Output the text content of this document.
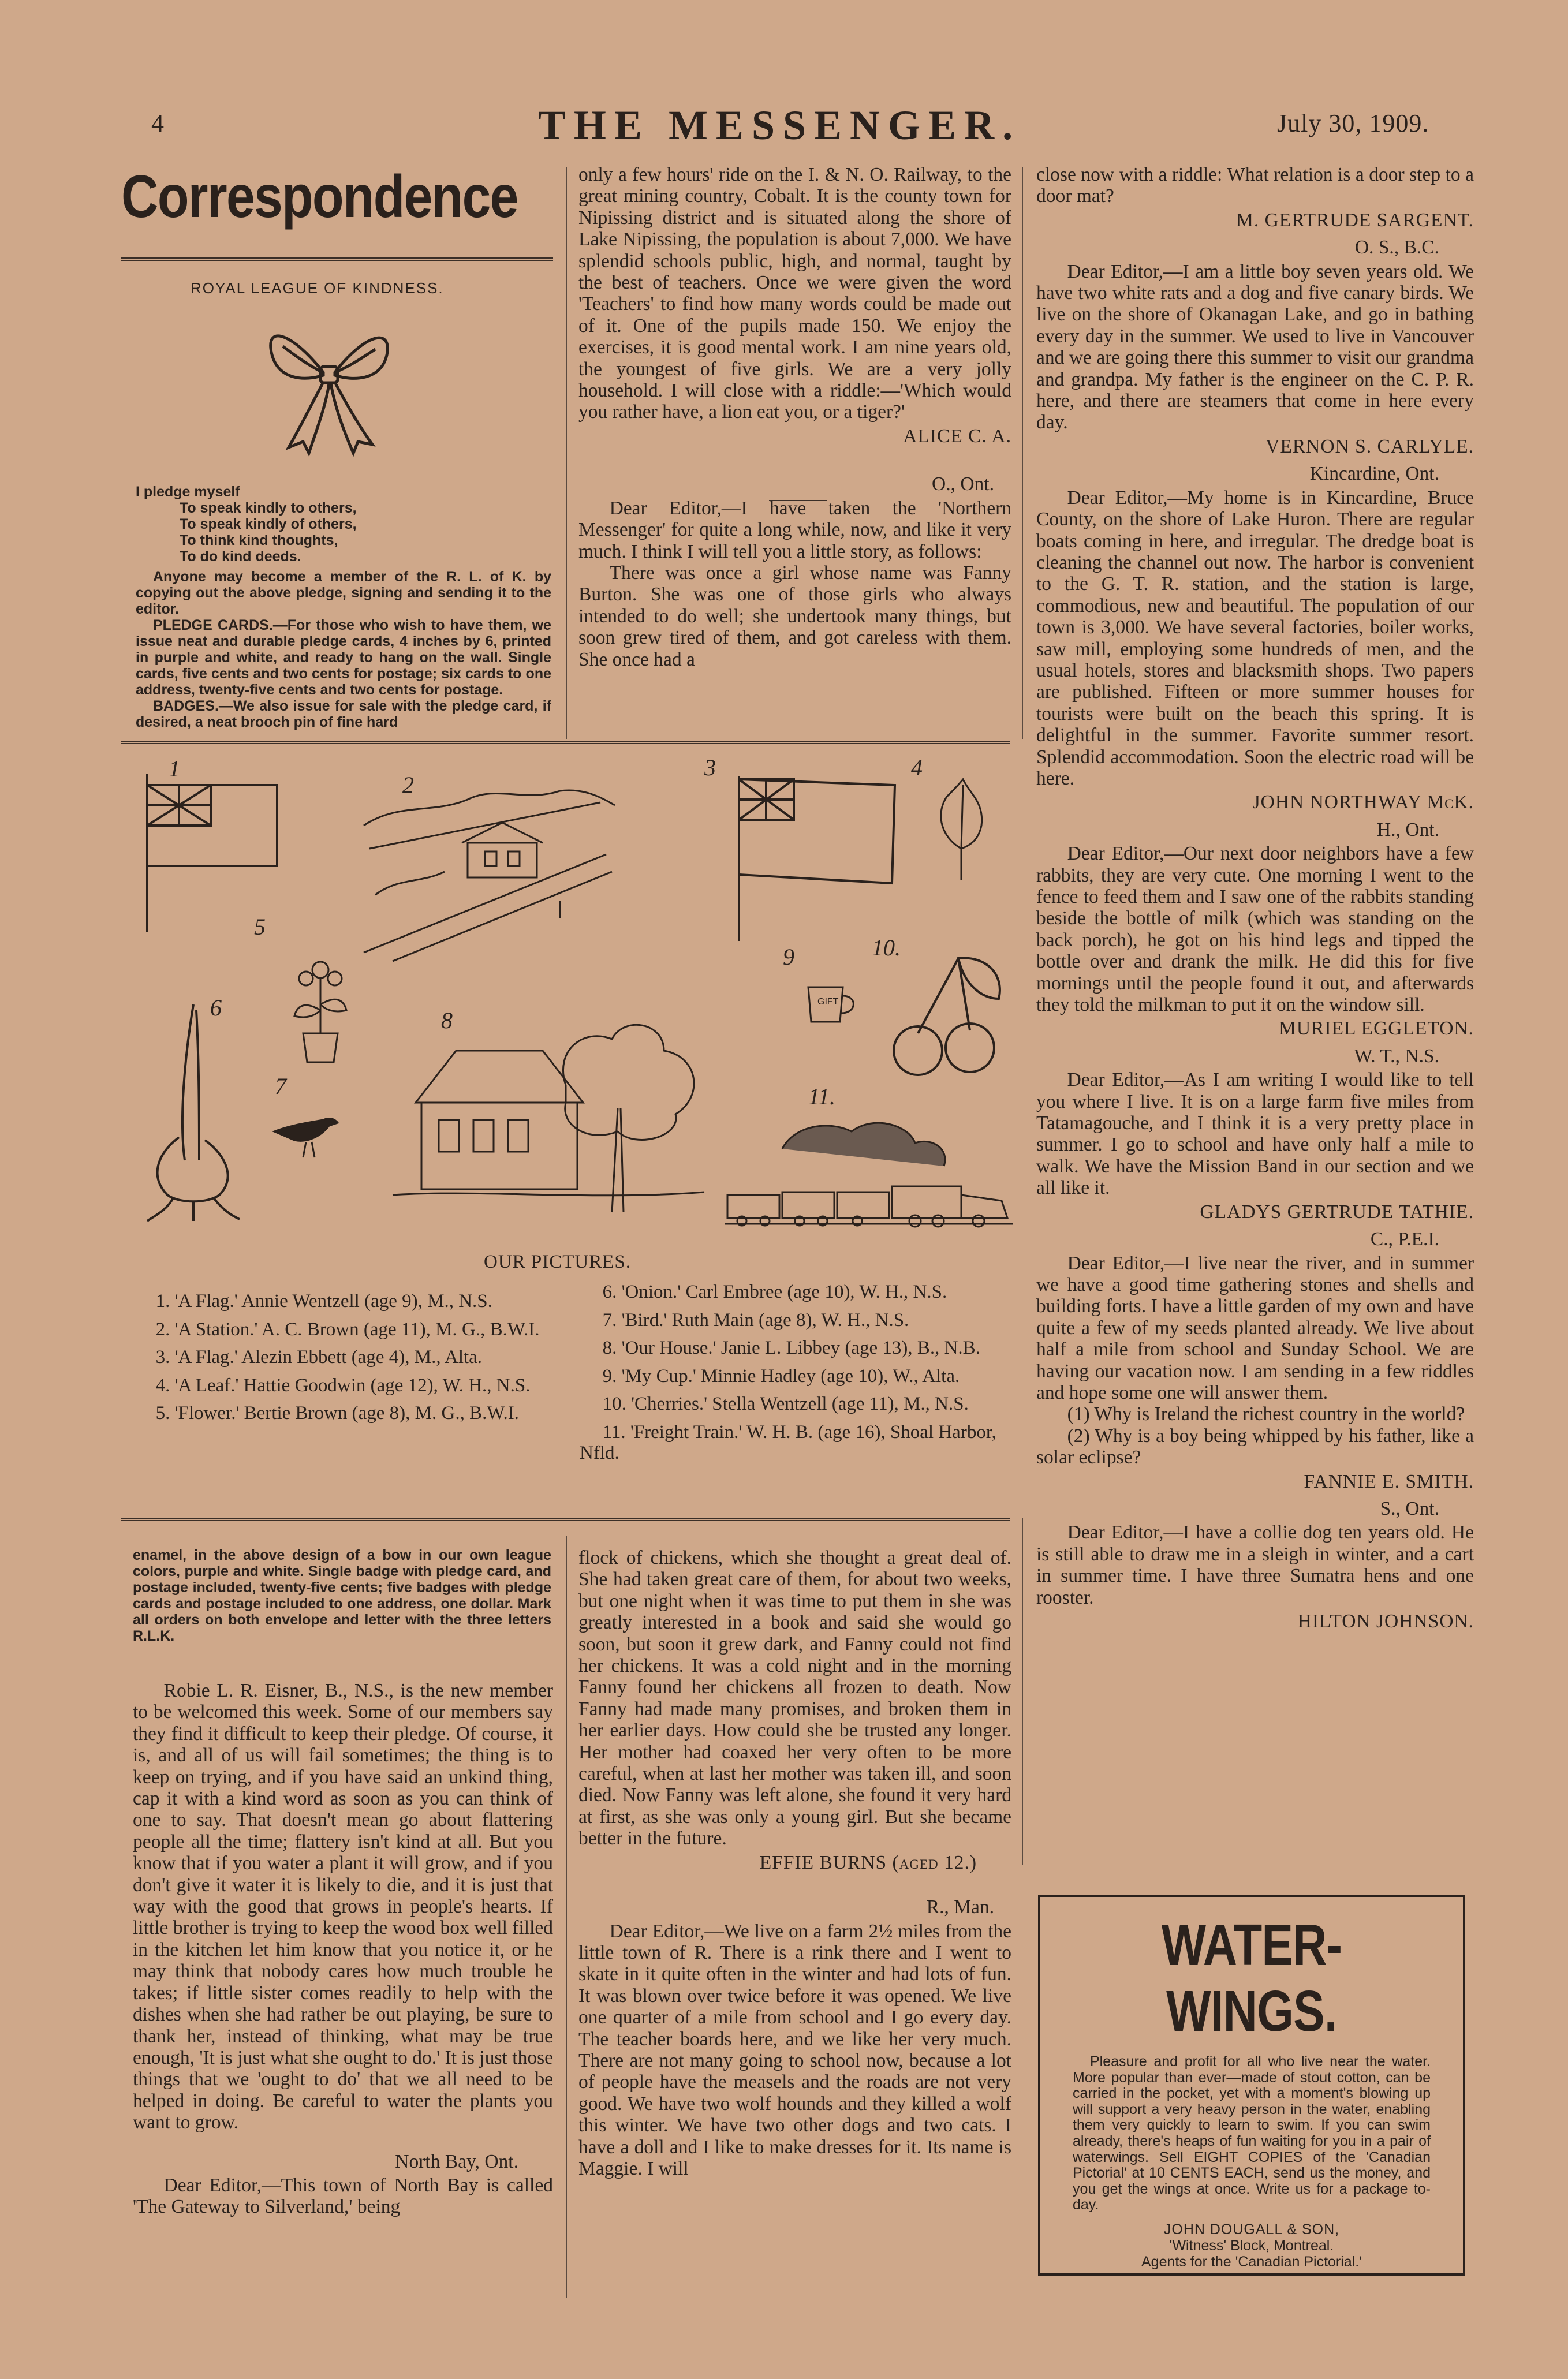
4	THE MESSENGER.	July 30, 1909.
Correspondence
ROYAL LEAGUE OF KINDNESS.
I pledge myself
To speak kindly to others,
To speak kindly of others,
To think kind thoughts,
To do kind deeds.
Anyone may become a member of the R. L. of K. by copying out the above pledge, signing and sending it to the editor.
PLEDGE CARDS.—For those who wish to have them, we issue neat and durable pledge cards, 4 inches by 6, printed in purple and white, and ready to hang on the wall. Single cards, five cents and two cents for postage; six cards to one address, twenty-five cents and two cents for postage.
BADGES.—We also issue for sale with the pledge card, if desired, a neat brooch pin of fine hard

only a few hours' ride on the I. & N. O. Railway, to the great mining country, Cobalt. It is the county town for Nipissing district and is situated along the shore of Lake Nipissing, the population is about 7,000. We have splendid schools public, high, and normal, taught by the best of teachers. Once we were given the word 'Teachers' to find how many words could be made out of it. One of the pupils made 150. We enjoy the exercises, it is good mental work. I am nine years old, the youngest of five girls. We are a very jolly household. I will close with a riddle:—'Which would you rather have, a lion eat you, or a tiger?'

ALICE C. A.
O., Ont.

Dear Editor,—I have taken the 'Northern Messenger' for quite a long while, now, and like it very much. I think I will tell you a little story, as follows:

There was once a girl whose name was Fanny Burton. She was one of those girls who always intended to do well; she undertook many things, but soon grew tired of them, and got careless with them. She once had a

close now with a riddle: What relation is a door step to a door mat?

M. GERTRUDE SARGENT.
O. S., B.C.

Dear Editor,—I am a little boy seven years old. We have two white rats and a dog and five canary birds. We live on the shore of Okanagan Lake, and go in bathing every day in the summer. We used to live in Vancouver and we are going there this summer to visit our grandma and grandpa. My father is the engineer on the C. P. R. here, and there are steamers that come in here every day.

VERNON S. CARLYLE.
Kincardine, Ont.

Dear Editor,—My home is in Kincardine, Bruce County, on the shore of Lake Huron. There are regular boats coming in here, and irregular. The dredge boat is cleaning the channel out now. The harbor is convenient to the G. T. R. station, and the station is large, commodious, new and beautiful. The population of our town is 3,000. We have several factories, boiler works, saw mill, employing some hundreds of men, and the usual hotels, stores and blacksmith shops. Two papers are published. Fifteen or more summer houses for tourists were built on the beach this spring. It is delightful in the summer. Favorite summer resort. Splendid accommodation. Soon the electric road will be here.

JOHN NORTHWAY McK.
H., Ont.

Dear Editor,—Our next door neighbors have a few rabbits, they are very cute. One morning I went to the fence to feed them and I saw one of the rabbits standing beside the bottle of milk (which was standing on the back porch), he got on his hind legs and tipped the bottle over and drank the milk. He did this for five mornings until the people found it out, and afterwards they told the milkman to put it on the window sill.

MURIEL EGGLETON.
W. T., N.S.

Dear Editor,—As I am writing I would like to tell you where I live. It is on a large farm five miles from Tatamagouche, and I think it is a very pretty place in summer. I go to school and have only half a mile to walk. We have the Mission Band in our section and we all like it.

GLADYS GERTRUDE TATHIE.
C., P.E.I.

Dear Editor,—I live near the river, and in summer we have a good time gathering stones and shells and building forts. I have a little garden of my own and have quite a few of my seeds planted already. We live about half a mile from school and Sunday School. We are having our vacation now. I am sending in a few riddles and hope some one will answer them.

(1) Why is Ireland the richest country in the world?

(2) Why is a boy being whipped by his father, like a solar eclipse?

FANNIE E. SMITH.
S., Ont.

Dear Editor,—I have a collie dog ten years old. He is still able to draw me in a sleigh in winter, and a cart in summer time. I have three Sumatra hens and one rooster.

HILTON JOHNSON.
1
2
3	4
5
6
7
8
9	10.
11.
GIFT
OUR PICTURES.
1. 'A Flag.' Annie Wentzell (age 9), M., N.S.
2. 'A Station.' A. C. Brown (age 11), M. G., B.W.I.
3. 'A Flag.' Alezin Ebbett (age 4), M., Alta.
4. 'A Leaf.' Hattie Goodwin (age 12), W. H., N.S.
5. 'Flower.' Bertie Brown (age 8), M. G., B.W.I.
6. 'Onion.' Carl Embree (age 10), W. H., N.S.
7. 'Bird.' Ruth Main (age 8), W. H., N.S.
8. 'Our House.' Janie L. Libbey (age 13), B., N.B.
9. 'My Cup.' Minnie Hadley (age 10), W., Alta.
10. 'Cherries.' Stella Wentzell (age 11), M., N.S.
11. 'Freight Train.' W. H. B. (age 16), Shoal Harbor, Nfld.
enamel, in the above design of a bow in our own league colors, purple and white. Single badge with pledge card, and postage included, twenty-five cents; five badges with pledge cards and postage included to one address, one dollar. Mark all orders on both envelope and letter with the three letters R.L.K.

Robie L. R. Eisner, B., N.S., is the new member to be welcomed this week. Some of our members say they find it difficult to keep their pledge. Of course, it is, and all of us will fail sometimes; the thing is to keep on trying, and if you have said an unkind thing, cap it with a kind word as soon as you can think of one to say. That doesn't mean go about flattering people all the time; flattery isn't kind at all. But you know that if you water a plant it will grow, and if you don't give it water it is likely to die, and it is just that way with the good that grows in people's hearts. If little brother is trying to keep the wood box well filled in the kitchen let him know that you notice it, or he may think that nobody cares how much trouble he takes; if little sister comes readily to help with the dishes when she had rather be out playing, be sure to thank her, instead of thinking, what may be true enough, 'It is just what she ought to do.' It is just those things that we 'ought to do' that we all need to be helped in doing. Be careful to water the plants you want to grow.

North Bay, Ont.

Dear Editor,—This town of North Bay is called 'The Gateway to Silverland,' being

flock of chickens, which she thought a great deal of. She had taken great care of them, for about two weeks, but one night when it was time to put them in she was greatly interested in a book and said she would go soon, but soon it grew dark, and Fanny could not find her chickens. It was a cold night and in the morning Fanny found her chickens all frozen to death. Now Fanny had made many promises, and broken them in her earlier days. How could she be trusted any longer. Her mother had coaxed her very often to be more careful, when at last her mother was taken ill, and soon died. Now Fanny was left alone, she found it very hard at first, as she was only a young girl. But she became better in the future.

EFFIE BURNS (aged 12.)
R., Man.

Dear Editor,—We live on a farm 2½ miles from the little town of R. There is a rink there and I went to skate in it quite often in the winter and had lots of fun. It was blown over twice before it was opened. We live one quarter of a mile from school and I go every day. The teacher boards here, and we like her very much. There are not many going to school now, because a lot of people have the measels and the roads are not very good. We have two wolf hounds and they killed a wolf this winter. We have two other dogs and two cats. I have a doll and I like to make dresses for it. Its name is Maggie. I will

WATER-WINGS.
Pleasure and profit for all who live near the water. More popular than ever—made of stout cotton, can be carried in the pocket, yet with a moment's blowing up will support a very heavy person in the water, enabling them very quickly to learn to swim. If you can swim already, there's heaps of fun waiting for you in a pair of waterwings. Sell EIGHT COPIES of the 'Canadian Pictorial' at 10 CENTS EACH, send us the money, and you get the wings at once. Write us for a package to-day.
JOHN DOUGALL & SON,
'Witness' Block, Montreal.
Agents for the 'Canadian Pictorial.'
